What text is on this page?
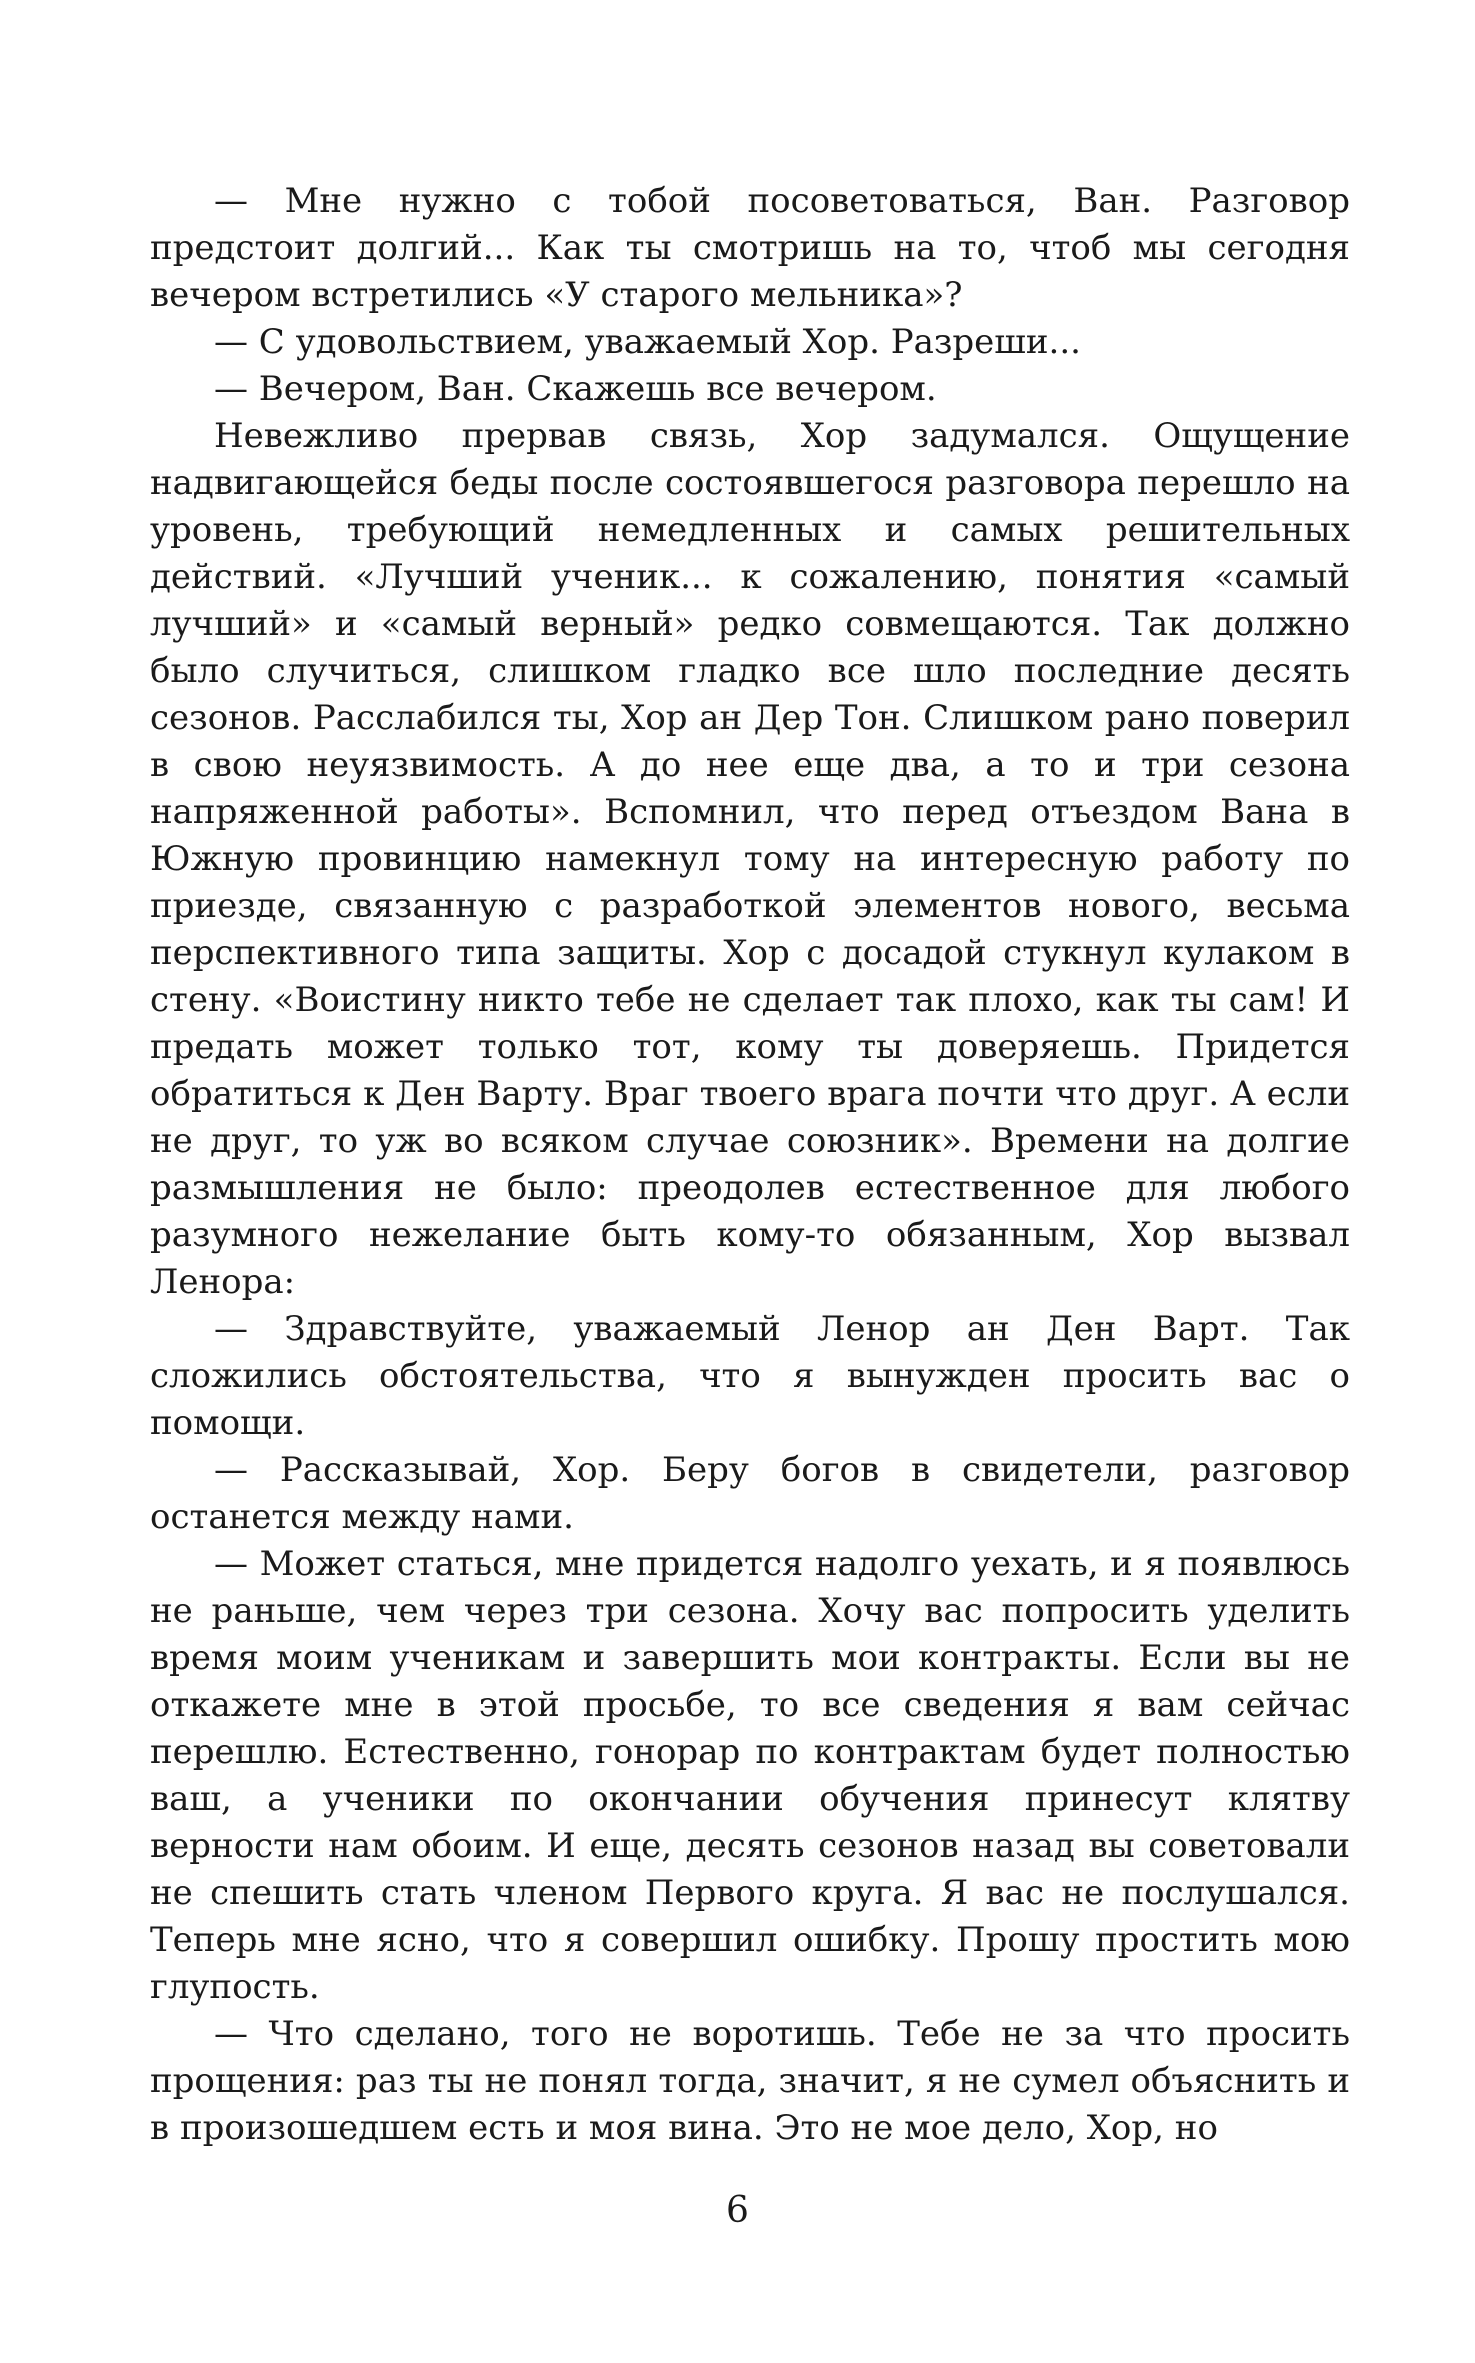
— Мне нужно с тобой посоветоваться, Ван. Разговор предстоит долгий... Как ты смотришь на то, чтоб мы сегодня вечером встретились «У старого мельника»?

— С удовольствием, уважаемый Хор. Разреши...

— Вечером, Ван. Скажешь все вечером.

Невежливо прервав связь, Хор задумался. Ощущение надвигающейся беды после состоявшегося разговора перешло на уровень, требующий немедленных и самых решительных действий. «Лучший ученик... к сожалению, понятия «самый лучший» и «самый верный» редко совмещаются. Так должно было случиться, слишком гладко все шло последние десять сезонов. Расслабился ты, Хор ан Дер Тон. Слишком рано поверил в свою неуязвимость. А до нее еще два, а то и три сезона напряженной работы». Вспомнил, что перед отъездом Вана в Южную провинцию намекнул тому на интересную работу по приезде, связанную с разработкой элементов нового, весьма перспективного типа защиты. Хор с досадой стукнул кулаком в стену. «Воистину никто тебе не сделает так плохо, как ты сам! И предать может только тот, кому ты доверяешь. Придется обратиться к Ден Варту. Враг твоего врага почти что друг. А если не друг, то уж во всяком случае союзник». Времени на долгие размышления не было: преодолев естественное для любого разумного нежелание быть кому-то обязанным, Хор вызвал Ленора:

— Здравствуйте, уважаемый Ленор ан Ден Варт. Так сложились обстоятельства, что я вынужден просить вас о помощи.

— Рассказывай, Хор. Беру богов в свидетели, разговор останется между нами.

— Может статься, мне придется надолго уехать, и я появлюсь не раньше, чем через три сезона. Хочу вас попросить уделить время моим ученикам и завершить мои контракты. Если вы не откажете мне в этой просьбе, то все сведения я вам сейчас перешлю. Естественно, гонорар по контрактам будет полностью ваш, а ученики по окончании обучения принесут клятву верности нам обоим. И еще, десять сезонов назад вы советовали не спешить стать членом Первого круга. Я вас не послушался. Теперь мне ясно, что я совершил ошибку. Прошу простить мою глупость.

— Что сделано, того не воротишь. Тебе не за что просить прощения: раз ты не понял тогда, значит, я не сумел объяснить и в произошедшем есть и моя вина. Это не мое дело, Хор, но

6
